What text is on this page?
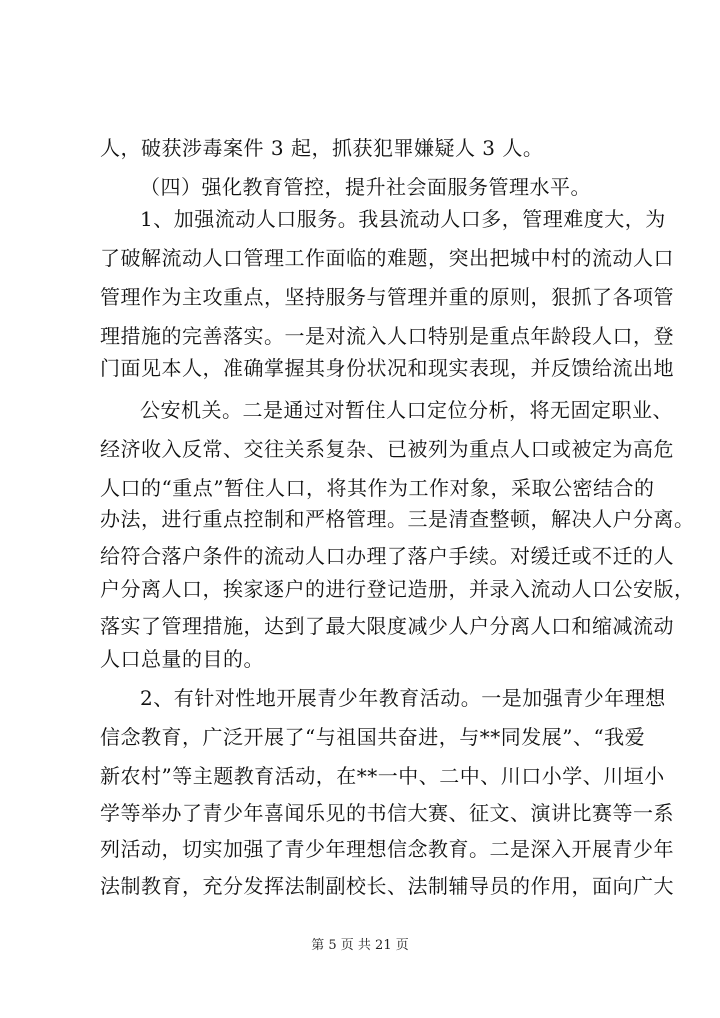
人，破获涉毒案件 3 起，抓获犯罪嫌疑人 3 人。
（四）强化教育管控，提升社会面服务管理水平。
1、加强流动人口服务。我县流动人口多，管理难度大，为
了破解流动人口管理工作面临的难题，突出把城中村的流动人口
管理作为主攻重点，坚持服务与管理并重的原则，狠抓了各项管
理措施的完善落实。一是对流入人口特别是重点年龄段人口，登
门面见本人，准确掌握其身份状况和现实表现，并反馈给流出地
公安机关。二是通过对暂住人口定位分析，将无固定职业、
经济收入反常、交往关系复杂、已被列为重点人口或被定为高危
人口的“重点”暂住人口，将其作为工作对象，采取公密结合的
办法，进行重点控制和严格管理。三是清查整顿，解决人户分离。
给符合落户条件的流动人口办理了落户手续。对缓迁或不迁的人
户分离人口，挨家逐户的进行登记造册，并录入流动人口公安版，
落实了管理措施，达到了最大限度减少人户分离人口和缩减流动
人口总量的目的。
2、有针对性地开展青少年教育活动。一是加强青少年理想
信念教育，广泛开展了“与祖国共奋进，与**同发展”、“我爱
新农村”等主题教育活动，在**一中、二中、川口小学、川垣小
学等举办了青少年喜闻乐见的书信大赛、征文、演讲比赛等一系
列活动，切实加强了青少年理想信念教育。二是深入开展青少年
法制教育，充分发挥法制副校长、法制辅导员的作用，面向广大
第 5 页 共 21 页
